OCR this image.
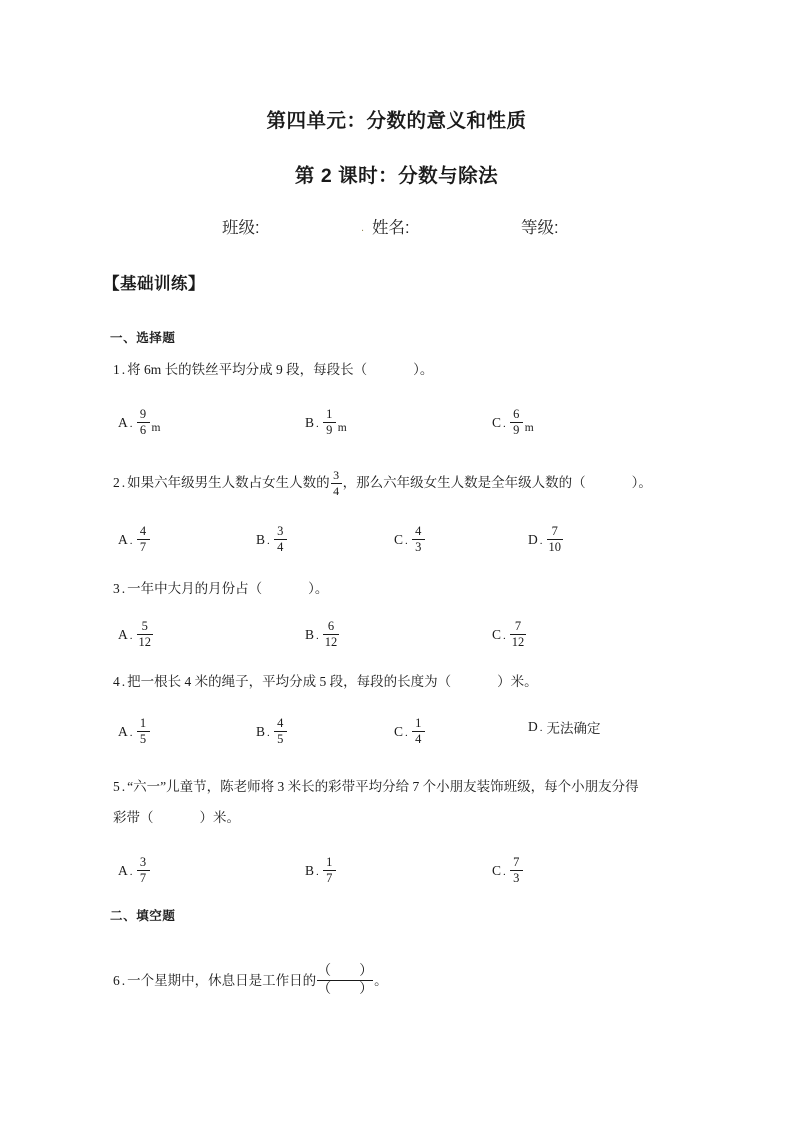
第四单元：分数的意义和性质
第 2 课时：分数与除法
班级:	. 姓名:	等级:
【基础训练】
一、选择题
1 . 将 6m 长的铁丝平均分成 9 段，每段长（	）。
A . $\frac{9}{6}$ m	B . $\frac{1}{9}$ m	C . $\frac{6}{9}$ m
2 . 如果六年级男生人数占女生人数的 $\frac{3}{4}$ ，那么六年级女生人数是全年级人数的（	）。
A . $\frac{4}{7}$	B . $\frac{3}{4}$	C . $\frac{4}{3}$	D . $\frac{7}{10}$
3 . 一年中大月的月份占（	）。
A . $\frac{5}{12}$	B . $\frac{6}{12}$	C . $\frac{7}{12}$
4 . 把一根长 4 米的绳子，平均分成 5 段，每段的长度为（	）米。
A . $\frac{1}{5}$	B . $\frac{4}{5}$	C . $\frac{1}{4}$	D . 无法确定
5 . “六一”儿童节，陈老师将 3 米长的彩带平均分给 7 个小朋友装饰班级，每个小朋友分得
彩带（	）米。
A . $\frac{3}{7}$	B . $\frac{1}{7}$	C . $\frac{7}{3}$
二、填空题
6 . 一个星期中，休息日是工作日的 $\frac{( )}{( )}$ 。
